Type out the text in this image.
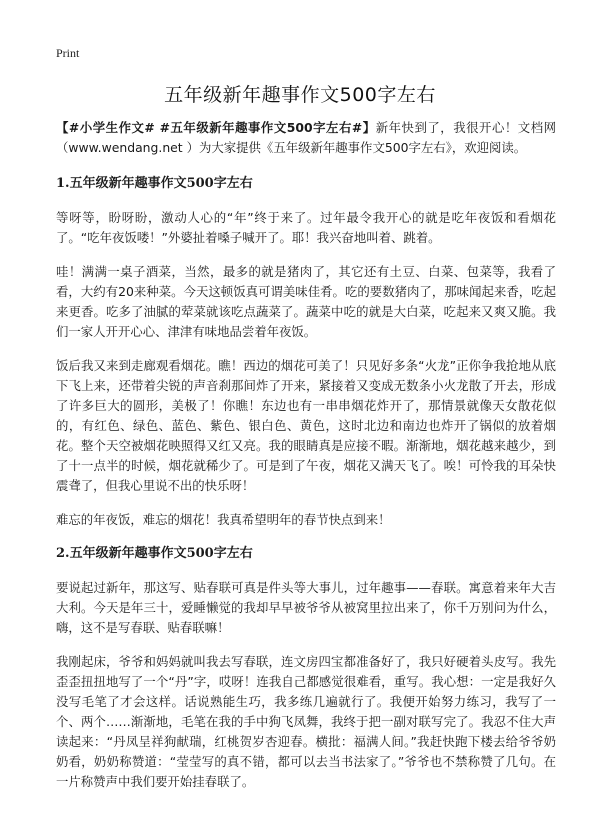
Print
五年级新年趣事作文500字左右

【#小学生作文# #五年级新年趣事作文500字左右#】新年快到了，我很开心！文档网（www.wendang.net ）为大家提供《五年级新年趣事作文500字左右》，欢迎阅读。

1.五年级新年趣事作文500字左右

等呀等，盼呀盼，激动人心的“年”终于来了。过年最令我开心的就是吃年夜饭和看烟花了。“吃年夜饭喽！”外婆扯着嗓子喊开了。耶！我兴奋地叫着、跳着。

哇！满满一桌子酒菜，当然，最多的就是猪肉了，其它还有土豆、白菜、包菜等，我看了看，大约有20来种菜。今天这顿饭真可谓美味佳肴。吃的要数猪肉了，那味闻起来香，吃起来更香。吃多了油腻的荤菜就该吃点蔬菜了。蔬菜中吃的就是大白菜，吃起来又爽又脆。我们一家人开开心心、津津有味地品尝着年夜饭。

饭后我又来到走廊观看烟花。瞧！西边的烟花可美了！只见好多条“火龙”正你争我抢地从底下飞上来，还带着尖锐的声音刹那间炸了开来，紧接着又变成无数条小火龙散了开去，形成了许多巨大的圆形，美极了！你瞧！东边也有一串串烟花炸开了，那情景就像天女散花似的，有红色、绿色、蓝色、紫色、银白色、黄色，这时北边和南边也炸开了锅似的放着烟花。整个天空被烟花映照得又红又亮。我的眼睛真是应接不暇。渐渐地，烟花越来越少，到了十一点半的时候，烟花就稀少了。可是到了午夜，烟花又满天飞了。唉！可怜我的耳朵快震聋了，但我心里说不出的快乐呀！

难忘的年夜饭，难忘的烟花！我真希望明年的春节快点到来！

2.五年级新年趣事作文500字左右

要说起过新年，那这写、贴春联可真是件头等大事儿，过年趣事——春联。寓意着来年大吉大利。今天是年三十，爱睡懒觉的我却早早被爷爷从被窝里拉出来了，你千万别问为什么，嗨，这不是写春联、贴春联嘛！

我刚起床，爷爷和妈妈就叫我去写春联，连文房四宝都准备好了，我只好硬着头皮写。我先歪歪扭扭地写了一个“丹”字，哎呀！连我自己都感觉很难看，重写。我心想：一定是我好久没写毛笔了才会这样。话说熟能生巧，我多练几遍就行了。我便开始努力练习，我写了一个、两个……渐渐地，毛笔在我的手中狗飞凤舞，我终于把一副对联写完了。我忍不住大声读起来：“丹凤呈祥狗献瑞，红桃贺岁杏迎春。横批：福满人间。”我赶快跑下楼去给爷爷奶奶看，奶奶称赞道：“莹莹写的真不错，都可以去当书法家了。”爷爷也不禁称赞了几句。在一片称赞声中我们要开始挂春联了。
